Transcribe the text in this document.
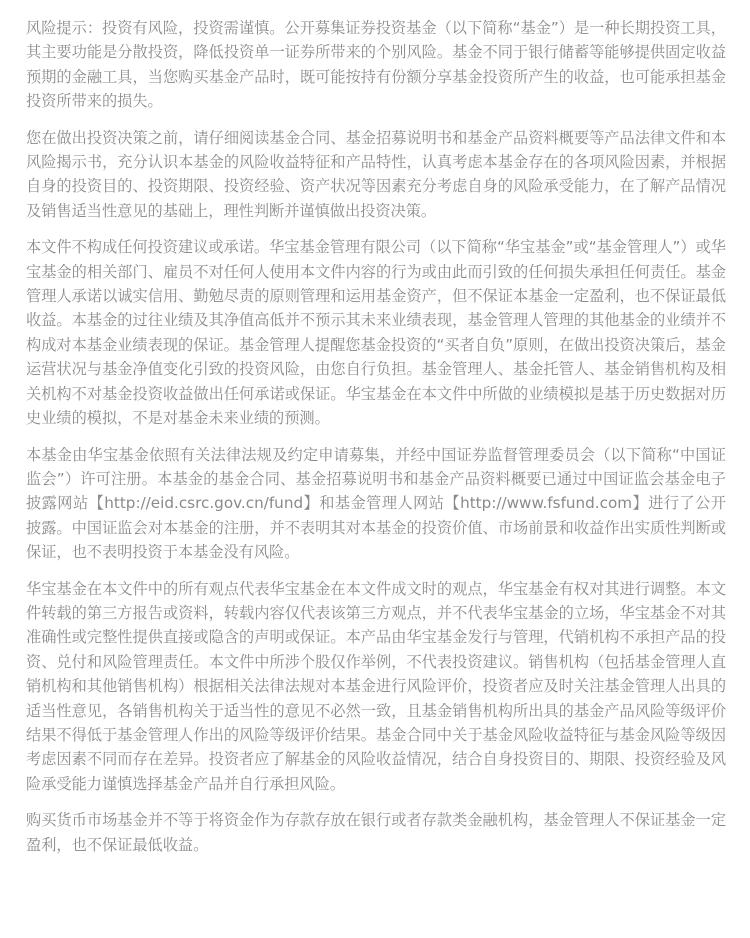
风险提示：投资有风险，投资需谨慎。公开募集证券投资基金（以下简称“基金”）是一种长期投资工具，其主要功能是分散投资，降低投资单一证券所带来的个别风险。基金不同于银行储蓄等能够提供固定收益预期的金融工具，当您购买基金产品时，既可能按持有份额分享基金投资所产生的收益，也可能承担基金投资所带来的损失。

您在做出投资决策之前，请仔细阅读基金合同、基金招募说明书和基金产品资料概要等产品法律文件和本风险揭示书，充分认识本基金的风险收益特征和产品特性，认真考虑本基金存在的各项风险因素，并根据自身的投资目的、投资期限、投资经验、资产状况等因素充分考虑自身的风险承受能力，在了解产品情况及销售适当性意见的基础上，理性判断并谨慎做出投资决策。

本文件不构成任何投资建议或承诺。华宝基金管理有限公司（以下简称“华宝基金”或“基金管理人”）或华宝基金的相关部门、雇员不对任何人使用本文件内容的行为或由此而引致的任何损失承担任何责任。基金管理人承诺以诚实信用、勤勉尽责的原则管理和运用基金资产，但不保证本基金一定盈利，也不保证最低收益。本基金的过往业绩及其净值高低并不预示其未来业绩表现，基金管理人管理的其他基金的业绩并不构成对本基金业绩表现的保证。基金管理人提醒您基金投资的“买者自负”原则，在做出投资决策后，基金运营状况与基金净值变化引致的投资风险，由您自行负担。基金管理人、基金托管人、基金销售机构及相关机构不对基金投资收益做出任何承诺或保证。华宝基金在本文件中所做的业绩模拟是基于历史数据对历史业绩的模拟，不是对基金未来业绩的预测。

本基金由华宝基金依照有关法律法规及约定申请募集，并经中国证券监督管理委员会（以下简称“中国证监会”）许可注册。本基金的基金合同、基金招募说明书和基金产品资料概要已通过中国证监会基金电子披露网站【http://eid.csrc.gov.cn/fund】和基金管理人网站【http://www.fsfund.com】进行了公开披露。中国证监会对本基金的注册，并不表明其对本基金的投资价值、市场前景和收益作出实质性判断或保证，也不表明投资于本基金没有风险。

华宝基金在本文件中的所有观点代表华宝基金在本文件成文时的观点，华宝基金有权对其进行调整。本文件转载的第三方报告或资料，转载内容仅代表该第三方观点，并不代表华宝基金的立场，华宝基金不对其准确性或完整性提供直接或隐含的声明或保证。本产品由华宝基金发行与管理，代销机构不承担产品的投资、兑付和风险管理责任。本文件中所涉个股仅作举例，不代表投资建议。销售机构（包括基金管理人直销机构和其他销售机构）根据相关法律法规对本基金进行风险评价，投资者应及时关注基金管理人出具的适当性意见，各销售机构关于适当性的意见不必然一致，且基金销售机构所出具的基金产品风险等级评价结果不得低于基金管理人作出的风险等级评价结果。基金合同中关于基金风险收益特征与基金风险等级因考虑因素不同而存在差异。投资者应了解基金的风险收益情况，结合自身投资目的、期限、投资经验及风险承受能力谨慎选择基金产品并自行承担风险。

购买货币市场基金并不等于将资金作为存款存放在银行或者存款类金融机构，基金管理人不保证基金一定盈利，也不保证最低收益。
